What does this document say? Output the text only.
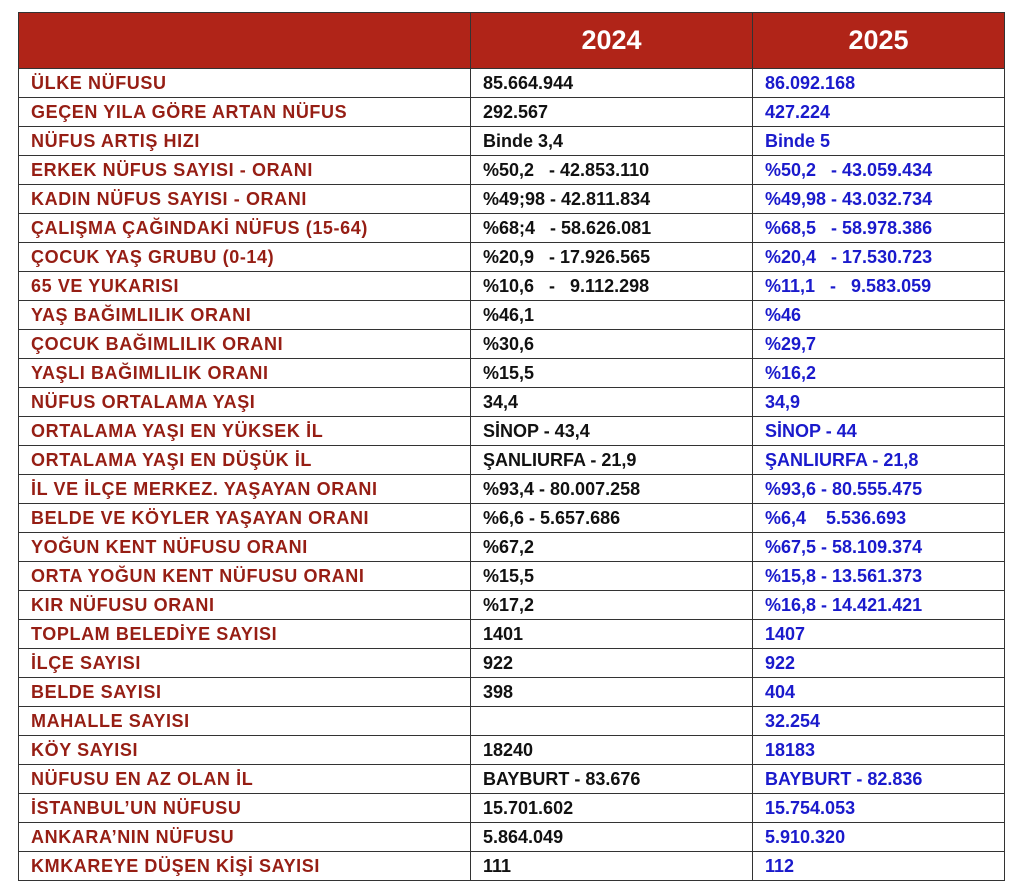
	2024	2025
ÜLKE NÜFUSU	85.664.944	86.092.168
GEÇEN YILA GÖRE ARTAN NÜFUS	292.567	427.224
NÜFUS ARTIŞ HIZI	Binde 3,4	Binde 5
ERKEK NÜFUS SAYISI - ORANI	%50,2   - 42.853.110	%50,2   - 43.059.434
KADIN NÜFUS SAYISI - ORANI	%49;98 - 42.811.834	%49,98 - 43.032.734
ÇALIŞMA ÇAĞINDAKİ NÜFUS (15-64)	%68;4   - 58.626.081	%68,5   - 58.978.386
ÇOCUK YAŞ GRUBU (0-14)	%20,9   - 17.926.565	%20,4   - 17.530.723
65 VE YUKARISI	%10,6   -   9.112.298	%11,1   -   9.583.059
YAŞ BAĞIMLILIK ORANI	%46,1	%46
ÇOCUK BAĞIMLILIK ORANI	%30,6	%29,7
YAŞLI BAĞIMLILIK ORANI	%15,5	%16,2
NÜFUS ORTALAMA YAŞI	34,4	34,9
ORTALAMA YAŞI EN YÜKSEK İL	SİNOP - 43,4	SİNOP - 44
ORTALAMA YAŞI EN DÜŞÜK İL	ŞANLIURFA - 21,9	ŞANLIURFA - 21,8
İL VE İLÇE MERKEZ. YAŞAYAN ORANI	%93,4 - 80.007.258	%93,6 - 80.555.475
BELDE VE KÖYLER YAŞAYAN ORANI	%6,6 - 5.657.686	%6,4    5.536.693
YOĞUN KENT NÜFUSU ORANI	%67,2	%67,5 - 58.109.374
ORTA YOĞUN KENT NÜFUSU ORANI	%15,5	%15,8 - 13.561.373
KIR NÜFUSU ORANI	%17,2	%16,8 - 14.421.421
TOPLAM BELEDİYE SAYISI	1401	1407
İLÇE SAYISI	922	922
BELDE SAYISI	398	404
MAHALLE SAYISI		32.254
KÖY SAYISI	18240	18183
NÜFUSU EN AZ OLAN İL	BAYBURT - 83.676	BAYBURT - 82.836
İSTANBUL’UN NÜFUSU	15.701.602	15.754.053
ANKARA’NIN NÜFUSU	5.864.049	5.910.320
KMKAREYE DÜŞEN KİŞİ SAYISI	111	112
